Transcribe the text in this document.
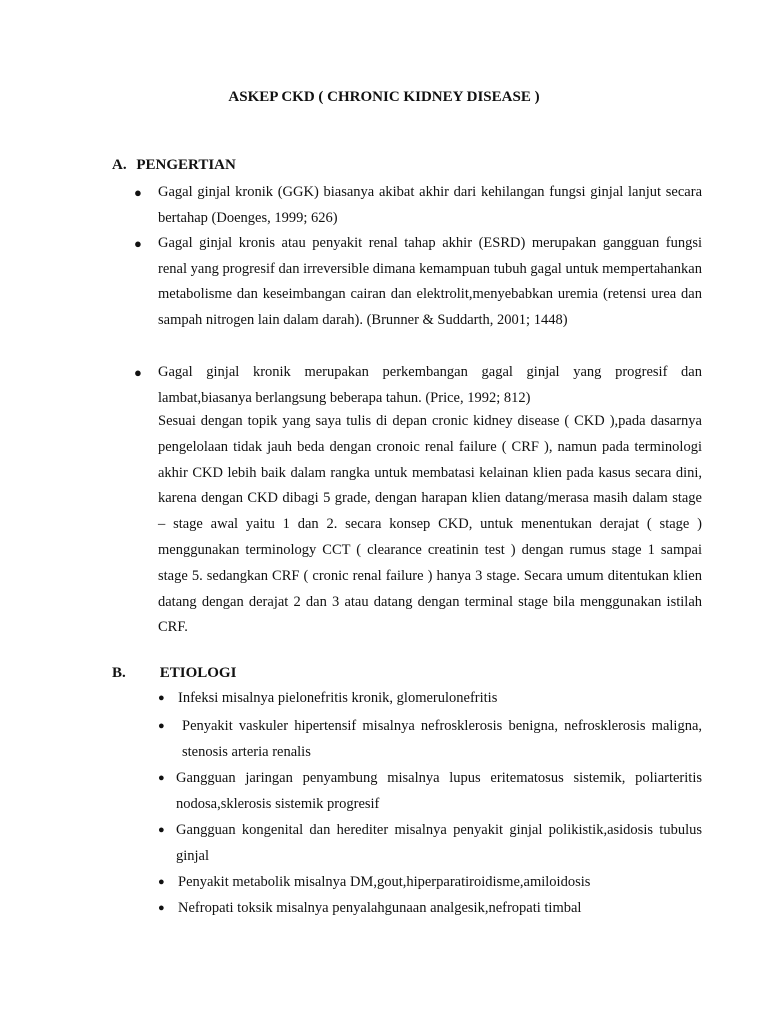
ASKEP CKD ( CHRONIC KIDNEY DISEASE )
A. PENGERTIAN
● Gagal ginjal kronik (GGK) biasanya akibat akhir dari kehilangan fungsi ginjal lanjut secara bertahap (Doenges, 1999; 626)
● Gagal ginjal kronis atau penyakit renal tahap akhir (ESRD) merupakan gangguan fungsi renal yang progresif dan irreversible dimana kemampuan tubuh gagal untuk mempertahankan metabolisme dan keseimbangan cairan dan elektrolit,menyebabkan uremia (retensi urea dan sampah nitrogen lain dalam darah). (Brunner & Suddarth, 2001; 1448)
● Gagal ginjal kronik merupakan perkembangan gagal ginjal yang progresif dan lambat,biasanya berlangsung beberapa tahun. (Price, 1992; 812)
Sesuai dengan topik yang saya tulis di depan cronic kidney disease ( CKD ),pada dasarnya pengelolaan tidak jauh beda dengan cronoic renal failure ( CRF ), namun pada terminologi akhir CKD lebih baik dalam rangka untuk membatasi kelainan klien pada kasus secara dini, karena dengan CKD dibagi 5 grade, dengan harapan klien datang/merasa masih dalam stage – stage awal yaitu 1 dan 2. secara konsep CKD, untuk menentukan derajat ( stage ) menggunakan terminology CCT ( clearance creatinin test ) dengan rumus stage 1 sampai stage 5. sedangkan CRF ( cronic renal failure ) hanya 3 stage. Secara umum ditentukan klien datang dengan derajat 2 dan 3 atau datang dengan terminal stage bila menggunakan istilah CRF.
B. ETIOLOGI
● Infeksi misalnya pielonefritis kronik, glomerulonefritis
● Penyakit vaskuler hipertensif misalnya nefrosklerosis benigna, nefrosklerosis maligna, stenosis arteria renalis
● Gangguan jaringan penyambung misalnya lupus eritematosus sistemik, poliarteritis nodosa,sklerosis sistemik progresif
● Gangguan kongenital dan herediter misalnya penyakit ginjal polikistik,asidosis tubulus ginjal
● Penyakit metabolik misalnya DM,gout,hiperparatiroidisme,amiloidosis
● Nefropati toksik misalnya penyalahgunaan analgesik,nefropati timbal
